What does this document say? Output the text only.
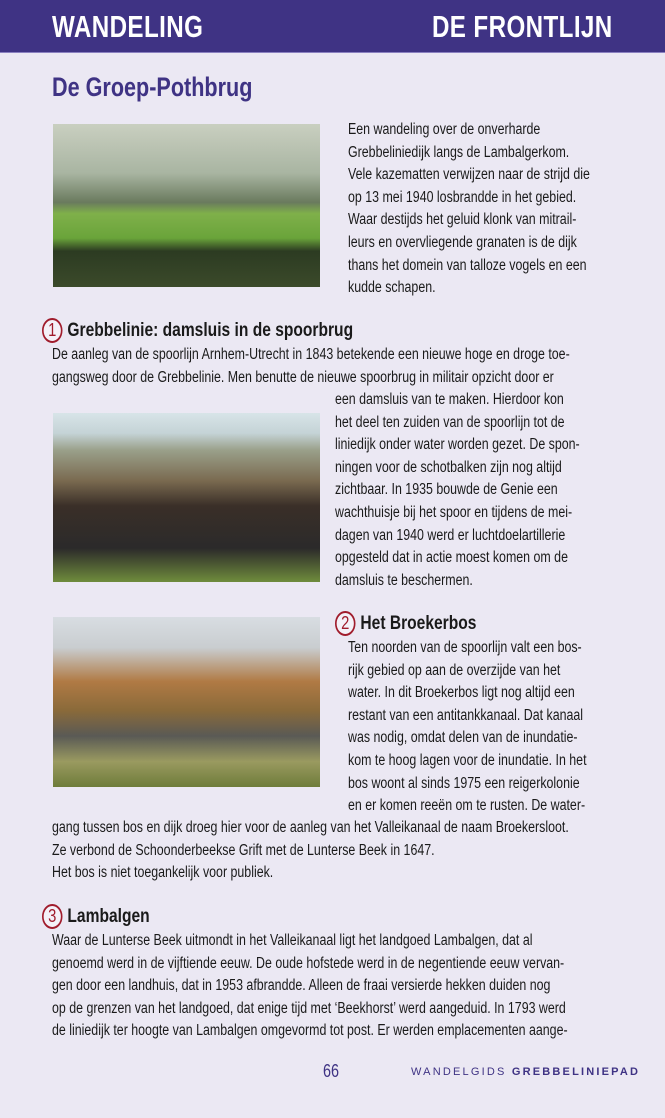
WANDELING	DE FRONTLIJN
De Groep-Pothbrug
Een wandeling over de onverharde
Grebbeliniedijk langs de Lambalgerkom.
Vele kazematten verwijzen naar de strijd die
op 13 mei 1940 losbrandde in het gebied.
Waar destijds het geluid klonk van mitrail-
leurs en overvliegende granaten is de dijk
thans het domein van talloze vogels en een
kudde schapen.
1 Grebbelinie: damsluis in de spoorbrug
De aanleg van de spoorlijn Arnhem-Utrecht in 1843 betekende een nieuwe hoge en droge toe-
gangsweg door de Grebbelinie. Men benutte de nieuwe spoorbrug in militair opzicht door er
een damsluis van te maken. Hierdoor kon
het deel ten zuiden van de spoorlijn tot de
liniedijk onder water worden gezet. De spon-
ningen voor de schotbalken zijn nog altijd
zichtbaar. In 1935 bouwde de Genie een
wachthuisje bij het spoor en tijdens de mei-
dagen van 1940 werd er luchtdoelartillerie
opgesteld dat in actie moest komen om de
damsluis te beschermen.
2 Het Broekerbos
Ten noorden van de spoorlijn valt een bos-
rijk gebied op aan de overzijde van het
water. In dit Broekerbos ligt nog altijd een
restant van een antitankkanaal. Dat kanaal
was nodig, omdat delen van de inundatie-
kom te hoog lagen voor de inundatie. In het
bos woont al sinds 1975 een reigerkolonie
en er komen reeën om te rusten. De water-
gang tussen bos en dijk droeg hier voor de aanleg van het Valleikanaal de naam Broekersloot.
Ze verbond de Schoonderbeekse Grift met de Lunterse Beek in 1647.
Het bos is niet toegankelijk voor publiek.
3 Lambalgen
Waar de Lunterse Beek uitmondt in het Valleikanaal ligt het landgoed Lambalgen, dat al
genoemd werd in de vijftiende eeuw. De oude hofstede werd in de negentiende eeuw vervan-
gen door een landhuis, dat in 1953 afbrandde. Alleen de fraai versierde hekken duiden nog
op de grenzen van het landgoed, dat enige tijd met ‘Beekhorst’ werd aangeduid. In 1793 werd
de liniedijk ter hoogte van Lambalgen omgevormd tot post. Er werden emplacementen aange-
66	WANDELGIDS GREBBELINIEPAD
